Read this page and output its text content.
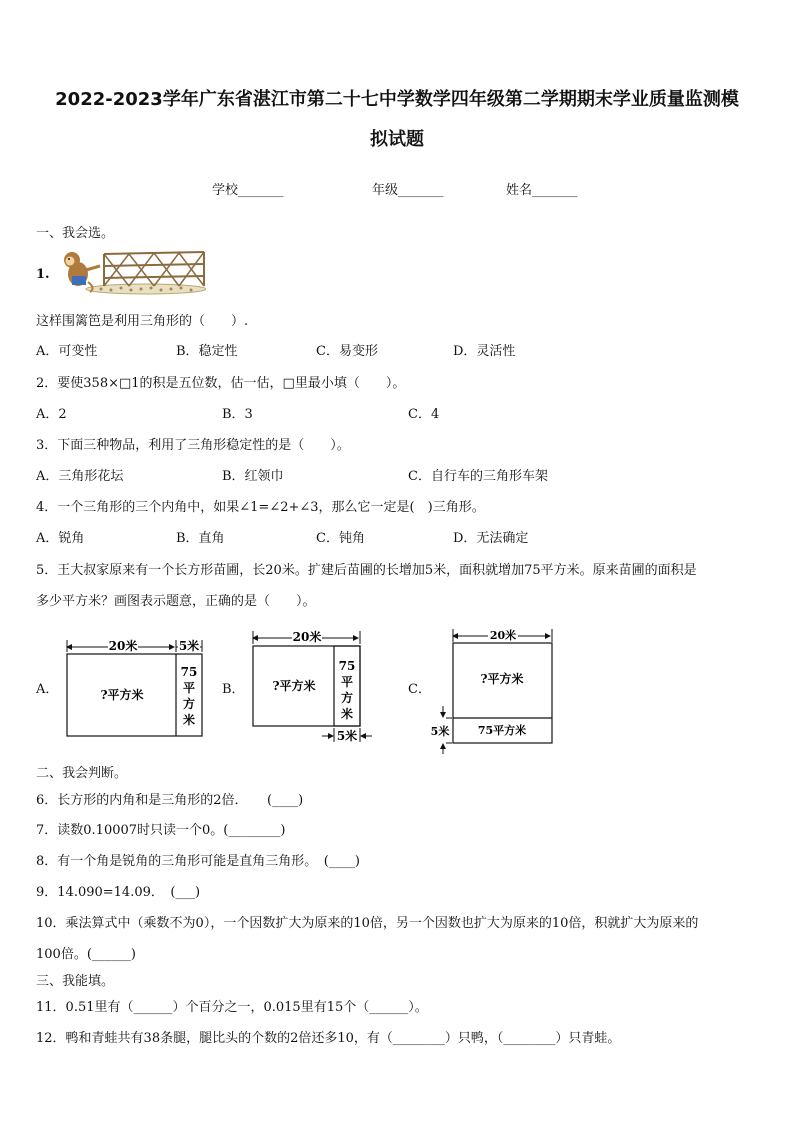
2022-2023学年广东省湛江市第二十七中学数学四年级第二学期期末学业质量监测模
拟试题
学校_______	年级_______	姓名_______
一、我会选。
1.
这样围篱笆是利用三角形的（　　）.
A．可变性	B．稳定性	C．易变形	D．灵活性
2．要使358×□1的积是五位数，估一估，□里最小填（　　）。
A．2	B．3	C．4
3．下面三种物品，利用了三角形稳定性的是（　　）。
A．三角形花坛	B．红领巾	C．自行车的三角形车架
4．一个三角形的三个内角中，如果∠1=∠2+∠3，那么它一定是(　)三角形。
A．锐角	B．直角	C．钝角	D．无法确定
5．王大叔家原来有一个长方形苗圃，长20米。扩建后苗圃的长增加5米，面积就增加75平方米。原来苗圃的面积是
多少平方米？画图表示题意，正确的是（　　）。
A．
20米	5米
?平方米
75
平
方
米
B．
20米
?平方米
75
平
方
米
5米
C．
20米
?平方米
75平方米
5米
二、我会判断。
6．长方形的内角和是三角形的2倍．　　(____)
7．读数0.10007时只读一个0。(________)
8．有一个角是锐角的三角形可能是直角三角形。　(____)
9．14.090=14.09．　(___)
10．乘法算式中（乘数不为0），一个因数扩大为原来的10倍，另一个因数也扩大为原来的10倍，积就扩大为原来的
100倍。(______)
三、我能填。
11．0.51里有（______）个百分之一，0.015里有15个（______）。
12．鸭和青蛙共有38条腿，腿比头的个数的2倍还多10，有（________）只鸭，（________）只青蛙。
